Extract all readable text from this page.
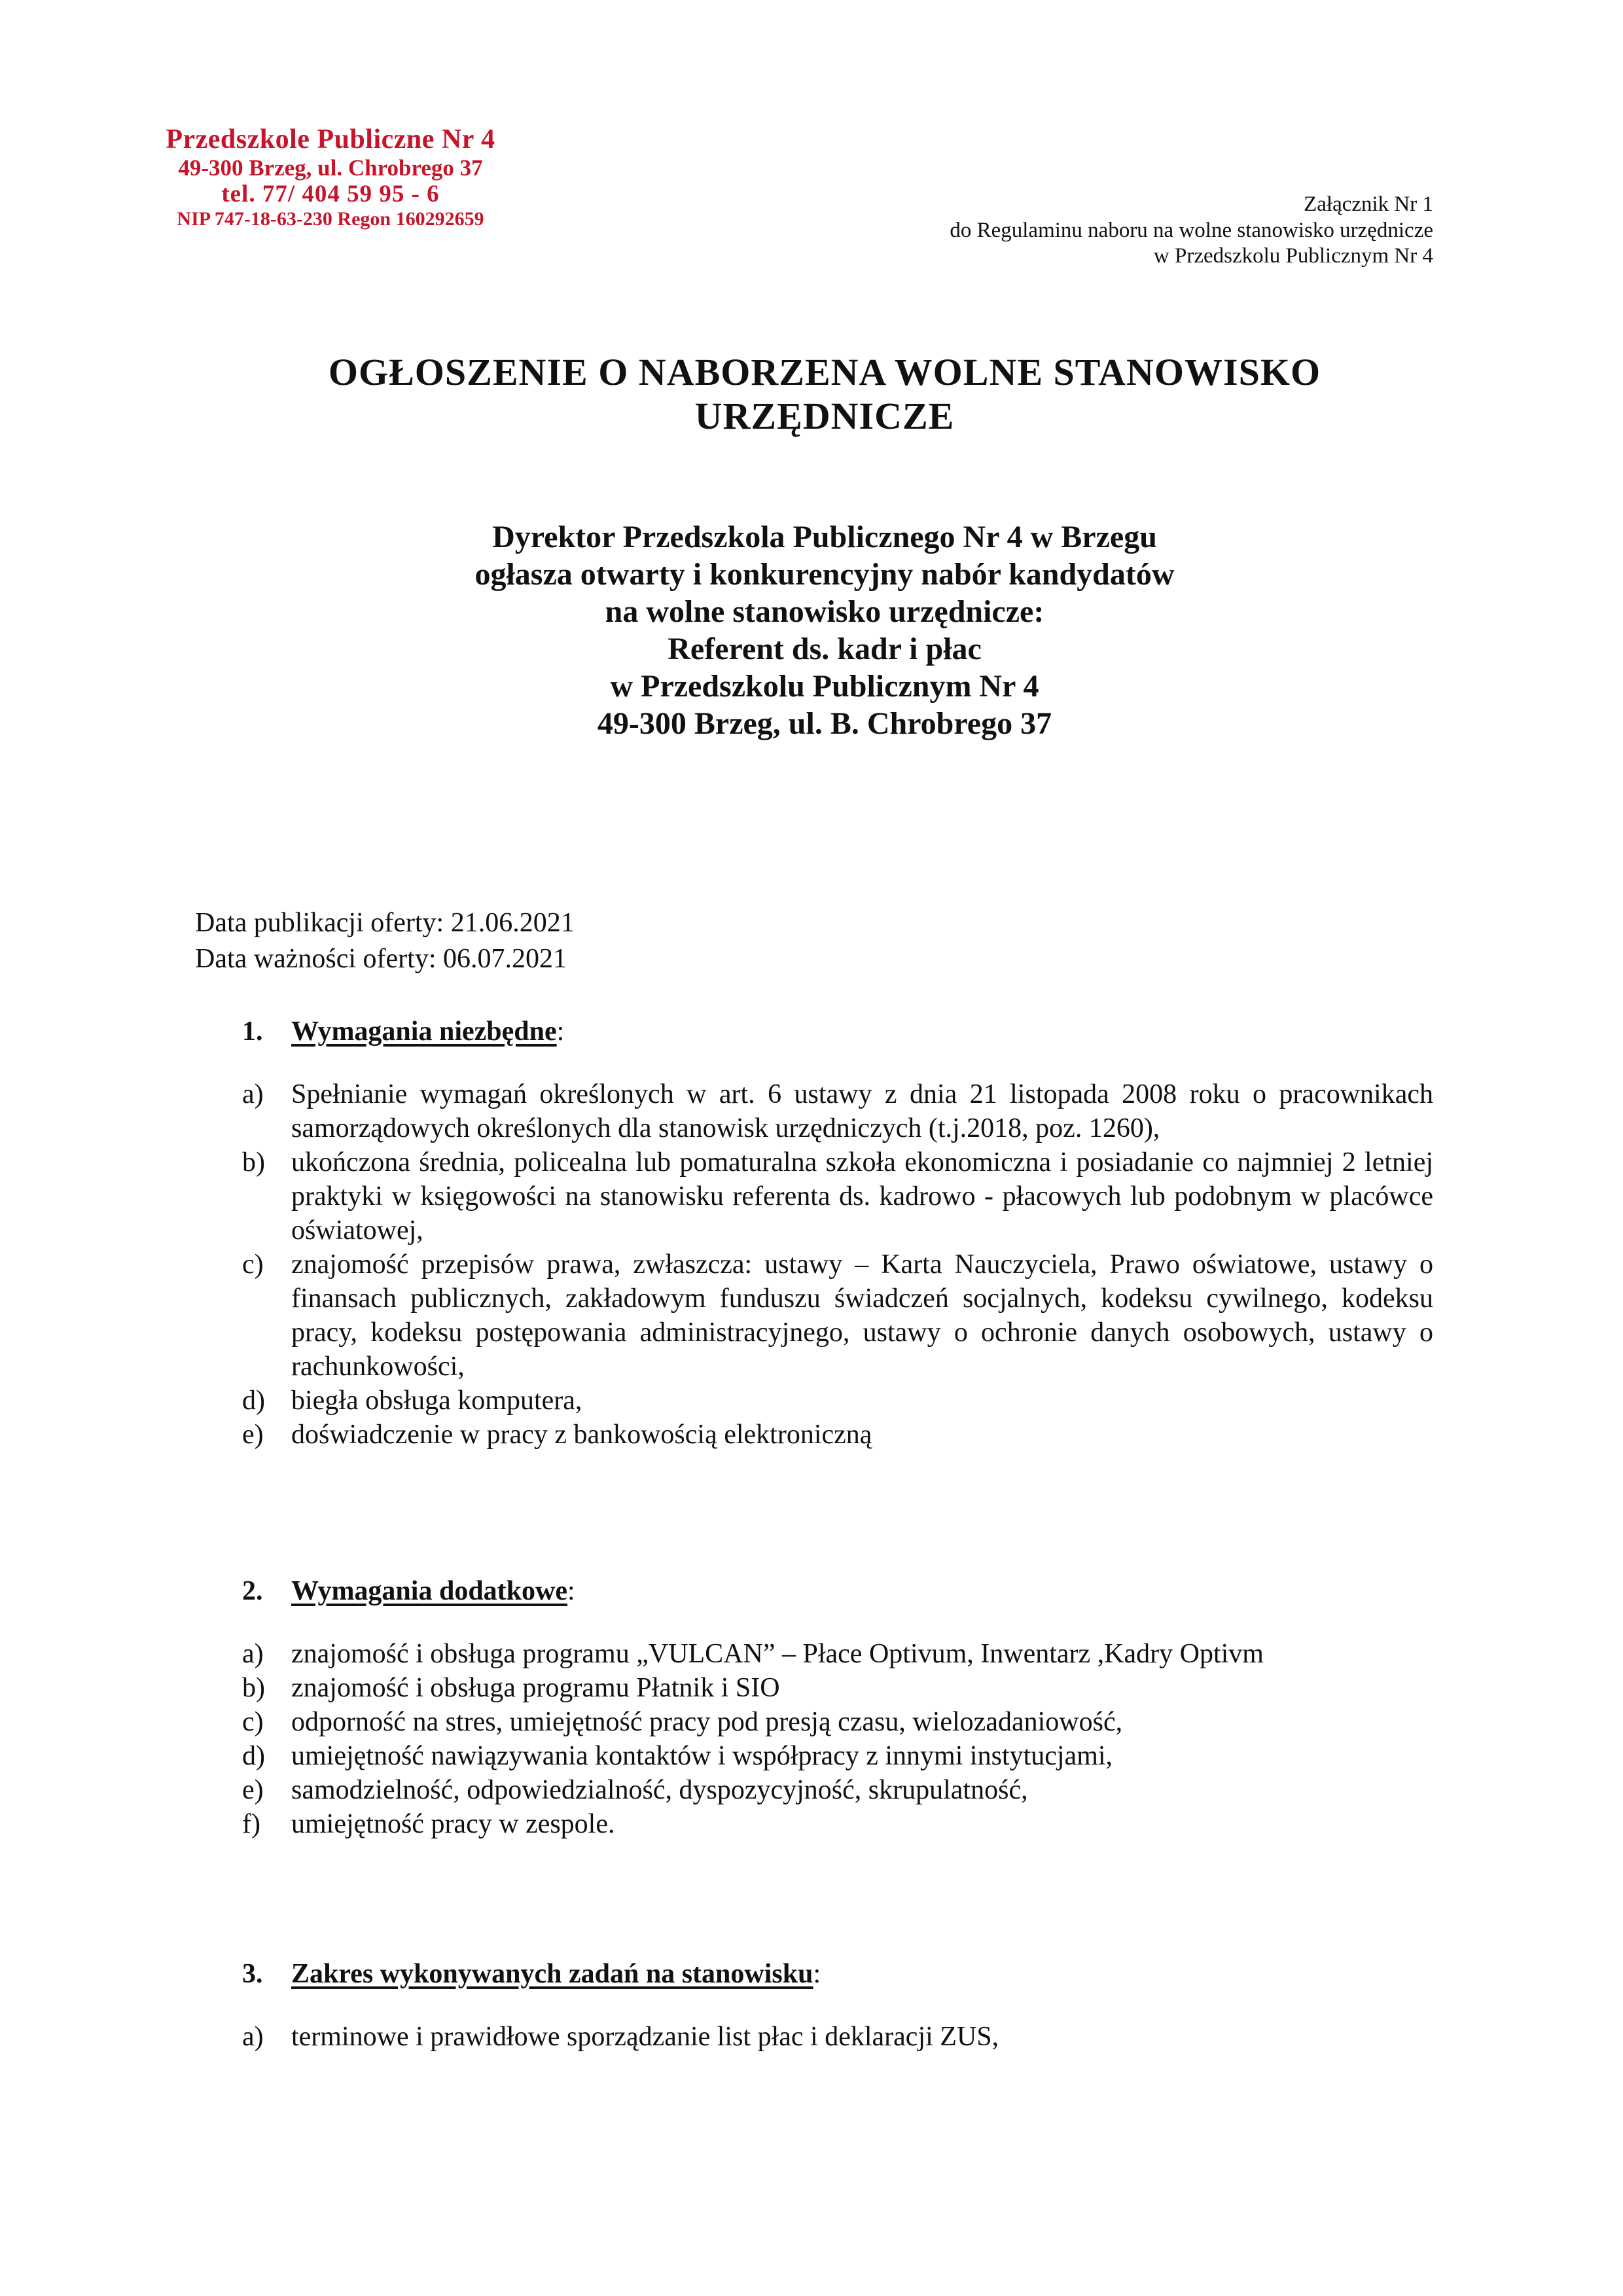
Przedszkole Publiczne Nr 4
49-300 Brzeg, ul. Chrobrego 37
tel. 77/ 404 59 95 - 6
NIP 747-18-63-230 Regon 160292659
Załącznik Nr 1
do Regulaminu naboru na wolne stanowisko urzędnicze
w Przedszkolu Publicznym Nr 4
OGŁOSZENIE O NABORZENA WOLNE STANOWISKO
URZĘDNICZE
Dyrektor Przedszkola Publicznego Nr 4 w Brzegu
ogłasza otwarty i konkurencyjny nabór kandydatów
na wolne stanowisko urzędnicze:
Referent ds. kadr i płac
w Przedszkolu Publicznym Nr 4
49-300 Brzeg, ul. B. Chrobrego 37
Data publikacji oferty: 21.06.2021
Data ważności oferty: 06.07.2021
1. Wymagania niezbędne:
a) Spełnianie wymagań określonych w art. 6 ustawy z dnia 21 listopada 2008 roku o pracownikach samorządowych określonych dla stanowisk urzędniczych (t.j.2018, poz. 1260),
b) ukończona średnia, policealna lub pomaturalna szkoła ekonomiczna i posiadanie co najmniej 2 letniej praktyki w księgowości na stanowisku referenta ds. kadrowo - płacowych lub podobnym w placówce oświatowej,
c) znajomość przepisów prawa, zwłaszcza: ustawy – Karta Nauczyciela, Prawo oświatowe, ustawy o finansach publicznych, zakładowym funduszu świadczeń socjalnych, kodeksu cywilnego, kodeksu pracy, kodeksu postępowania administracyjnego, ustawy o ochronie danych osobowych, ustawy o rachunkowości,
d) biegła obsługa komputera,
e) doświadczenie w pracy z bankowością elektroniczną
2. Wymagania dodatkowe:
a) znajomość i obsługa programu „VULCAN” – Płace Optivum, Inwentarz ,Kadry Optivm
b) znajomość i obsługa programu Płatnik i SIO
c) odporność na stres, umiejętność pracy pod presją czasu, wielozadaniowość,
d) umiejętność nawiązywania kontaktów i współpracy z innymi instytucjami,
e) samodzielność, odpowiedzialność, dyspozycyjność, skrupulatność,
f) umiejętność pracy w zespole.
3. Zakres wykonywanych zadań na stanowisku:
a) terminowe i prawidłowe sporządzanie list płac i deklaracji ZUS,
